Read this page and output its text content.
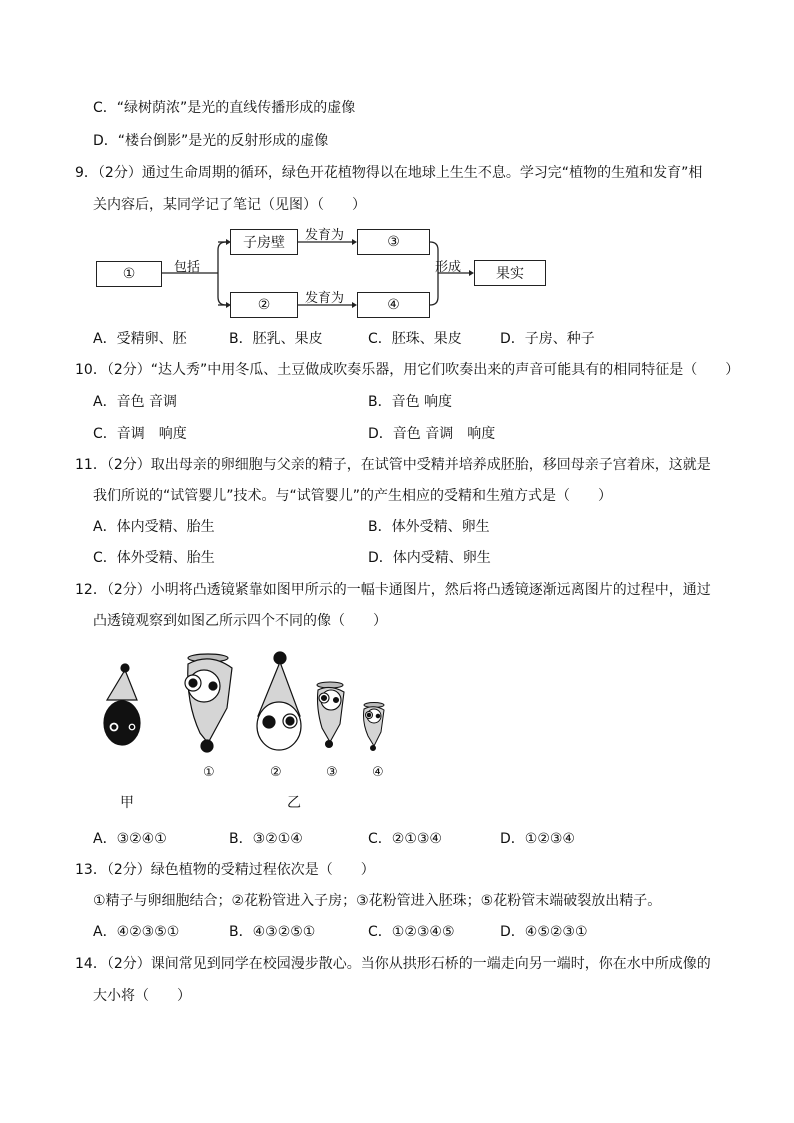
C．“绿树荫浓”是光的直线传播形成的虚像
D．“楼台倒影”是光的反射形成的虚像
9．（2分）通过生命周期的循环，绿色开花植物得以在地球上生生不息。学习完“植物的生殖和发育”相
关内容后，某同学记了笔记（见图）（　　）
①
子房壁
②
③
④
果实
包括
发育为
发育为
形成
A．受精卵、胚	B．胚乳、果皮	C．胚珠、果皮	D．子房、种子
10．（2分）“达人秀”中用冬瓜、土豆做成吹奏乐器，用它们吹奏出来的声音可能具有的相同特征是（　　）
A．音色 音调	B．音色 响度
C．音调　响度	D．音色 音调　响度
11．（2分）取出母亲的卵细胞与父亲的精子，在试管中受精并培养成胚胎，移回母亲子宫着床，这就是
我们所说的“试管婴儿”技术。与“试管婴儿”的产生相应的受精和生殖方式是（　　）
A．体内受精、胎生	B．体外受精、卵生
C．体外受精、胎生	D．体内受精、卵生
12．（2分）小明将凸透镜紧靠如图甲所示的一幅卡通图片，然后将凸透镜逐渐远离图片的过程中，通过
凸透镜观察到如图乙所示四个不同的像（　　）
①	②	③	④
甲	乙
A．③②④①	B．③②①④	C．②①③④	D．①②③④
13．（2分）绿色植物的受精过程依次是（　　）
①精子与卵细胞结合；②花粉管进入子房；③花粉管进入胚珠；⑤花粉管末端破裂放出精子。
A．④②③⑤①	B．④③②⑤①	C．①②③④⑤	D．④⑤②③①
14．（2分）课间常见到同学在校园漫步散心。当你从拱形石桥的一端走向另一端时，你在水中所成像的
大小将（　　）
